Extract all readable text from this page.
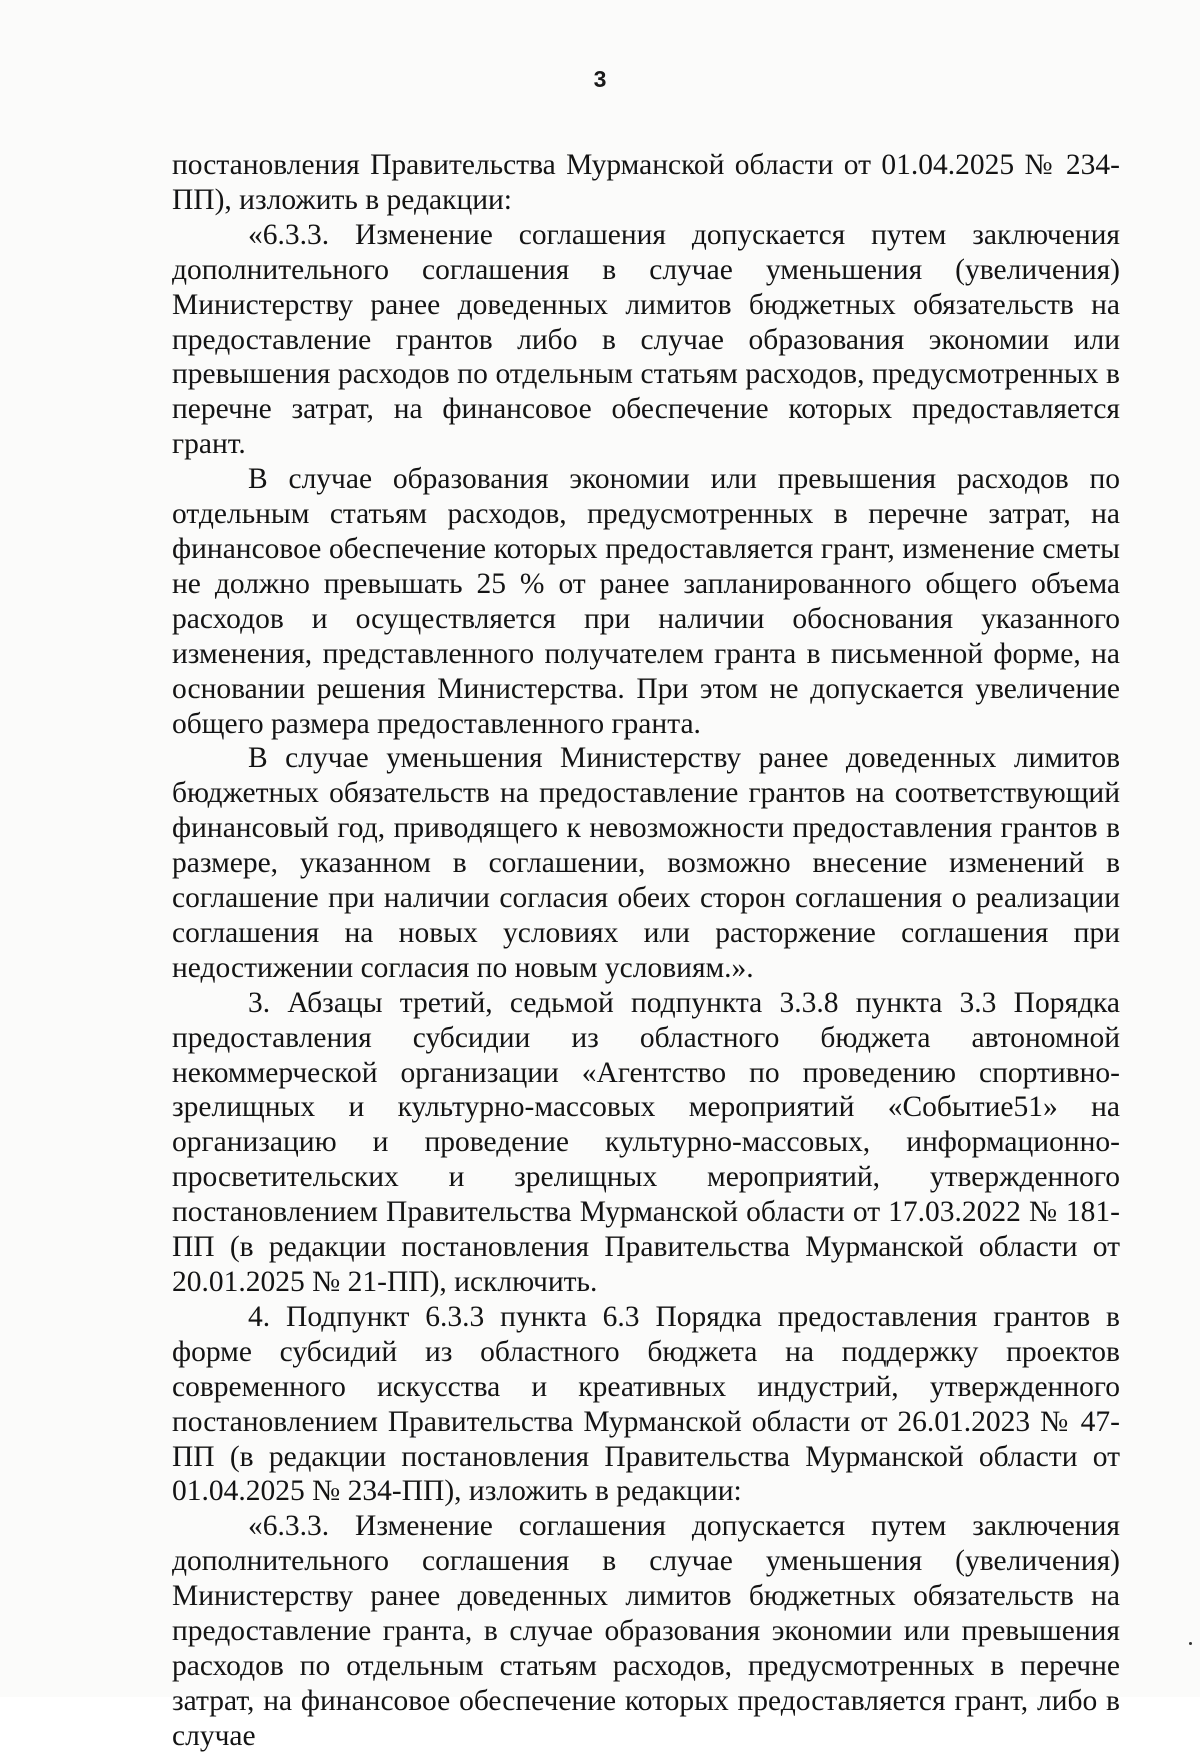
3

постановления Правительства Мурманской области от 01.04.2025 № 234-ПП), изложить в редакции:

«6.3.3. Изменение соглашения допускается путем заключения дополнительного соглашения в случае уменьшения (увеличения) Министерству ранее доведенных лимитов бюджетных обязательств на предоставление грантов либо в случае образования экономии или превышения расходов по отдельным статьям расходов, предусмотренных в перечне затрат, на финансовое обеспечение которых предоставляется грант.

В случае образования экономии или превышения расходов по отдельным статьям расходов, предусмотренных в перечне затрат, на финансовое обеспечение которых предоставляется грант, изменение сметы не должно превышать 25 % от ранее запланированного общего объема расходов и осуществляется при наличии обоснования указанного изменения, представленного получателем гранта в письменной форме, на основании решения Министерства. При этом не допускается увеличение общего размера предоставленного гранта.

В случае уменьшения Министерству ранее доведенных лимитов бюджетных обязательств на предоставление грантов на соответствующий финансовый год, приводящего к невозможности предоставления грантов в размере, указанном в соглашении, возможно внесение изменений в соглашение при наличии согласия обеих сторон соглашения о реализации соглашения на новых условиях или расторжение соглашения при недостижении согласия по новым условиям.».

3. Абзацы третий, седьмой подпункта 3.3.8 пункта 3.3 Порядка предоставления субсидии из областного бюджета автономной некоммерческой организации «Агентство по проведению спортивно-зрелищных и культурно-массовых мероприятий «Событие51» на организацию и проведение культурно-массовых, информационно-просветительских и зрелищных мероприятий, утвержденного постановлением Правительства Мурманской области от 17.03.2022 № 181-ПП (в редакции постановления Правительства Мурманской области от 20.01.2025 № 21-ПП), исключить.

4. Подпункт 6.3.3 пункта 6.3 Порядка предоставления грантов в форме субсидий из областного бюджета на поддержку проектов современного искусства и креативных индустрий, утвержденного постановлением Правительства Мурманской области от 26.01.2023 № 47-ПП (в редакции постановления Правительства Мурманской области от 01.04.2025 № 234-ПП), изложить в редакции:

«6.3.3. Изменение соглашения допускается путем заключения дополнительного соглашения в случае уменьшения (увеличения) Министерству ранее доведенных лимитов бюджетных обязательств на предоставление гранта, в случае образования экономии или превышения расходов по отдельным статьям расходов, предусмотренных в перечне затрат, на финансовое обеспечение которых предоставляется грант, либо в случае
